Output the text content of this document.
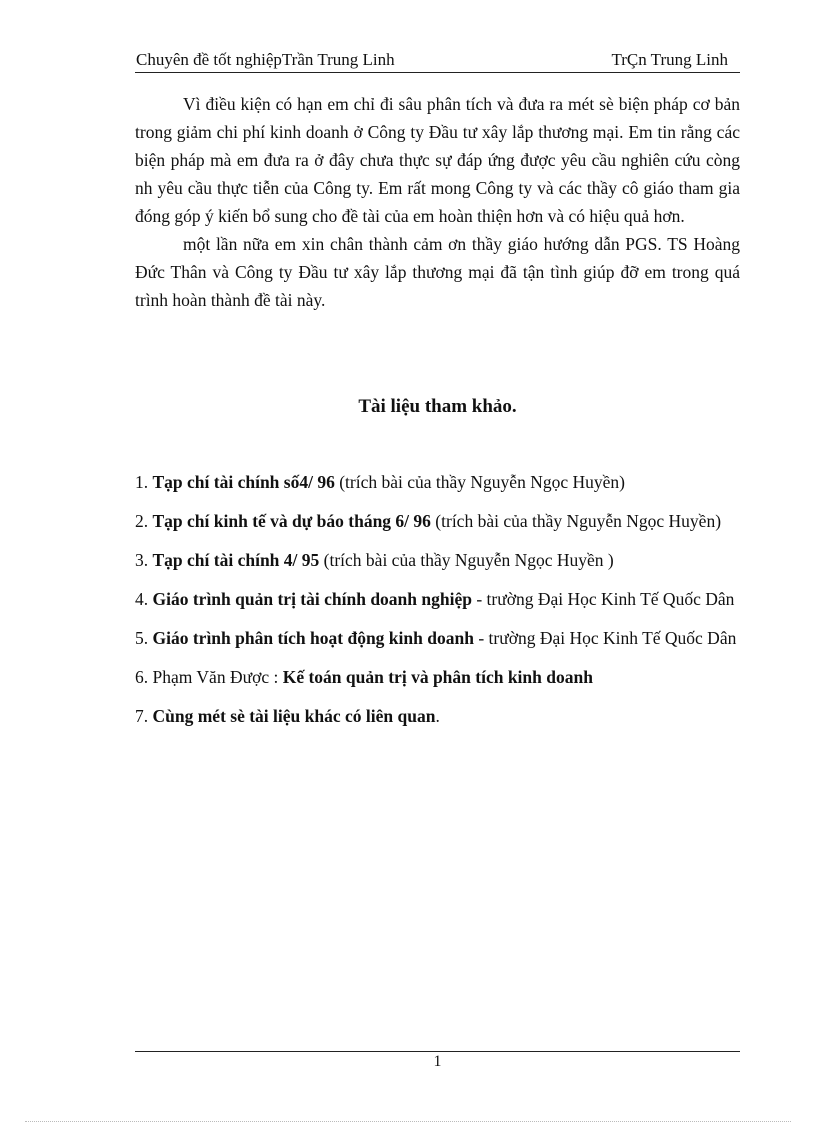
Chuyên đề tốt nghiệpTrần Trung Linh	TrÇn Trung Linh

Vì điều kiện có hạn em chỉ đi sâu phân tích và đưa ra mét sè biện pháp cơ bản trong giảm chi phí kinh doanh ở Công ty Đầu tư xây lắp thương mại. Em tin rằng các biện pháp mà em đưa ra ở đây chưa thực sự đáp ứng được yêu cầu nghiên cứu còng nh yêu cầu thực tiễn của Công ty. Em rất mong Công ty và các thầy cô giáo tham gia đóng góp ý kiến bổ sung cho đề tài của em hoàn thiện hơn và có hiệu quả hơn.

một lần nữa em xin chân thành cảm ơn thầy giáo hướng dẫn PGS. TS Hoàng Đức Thân và Công ty Đầu tư xây lắp thương mại đã tận tình giúp đỡ em trong quá trình hoàn thành đề tài này.

Tài liệu tham khảo.
1. Tạp chí tài chính số4/ 96 (trích bài của thầy Nguyễn Ngọc Huyền)
2. Tạp chí kinh tế và dự báo tháng 6/ 96 (trích bài của thầy Nguyễn Ngọc Huyền)
3. Tạp chí tài chính 4/ 95 (trích bài của thầy Nguyễn Ngọc Huyền )
4. Giáo trình quản trị tài chính doanh nghiệp - trường Đại Học Kinh Tế Quốc Dân
5. Giáo trình phân tích hoạt động kinh doanh - trường Đại Học Kinh Tế Quốc Dân
6. Phạm Văn Được : Kế toán quản trị và phân tích kinh doanh
7. Cùng mét sè tài liệu khác có liên quan.
1
